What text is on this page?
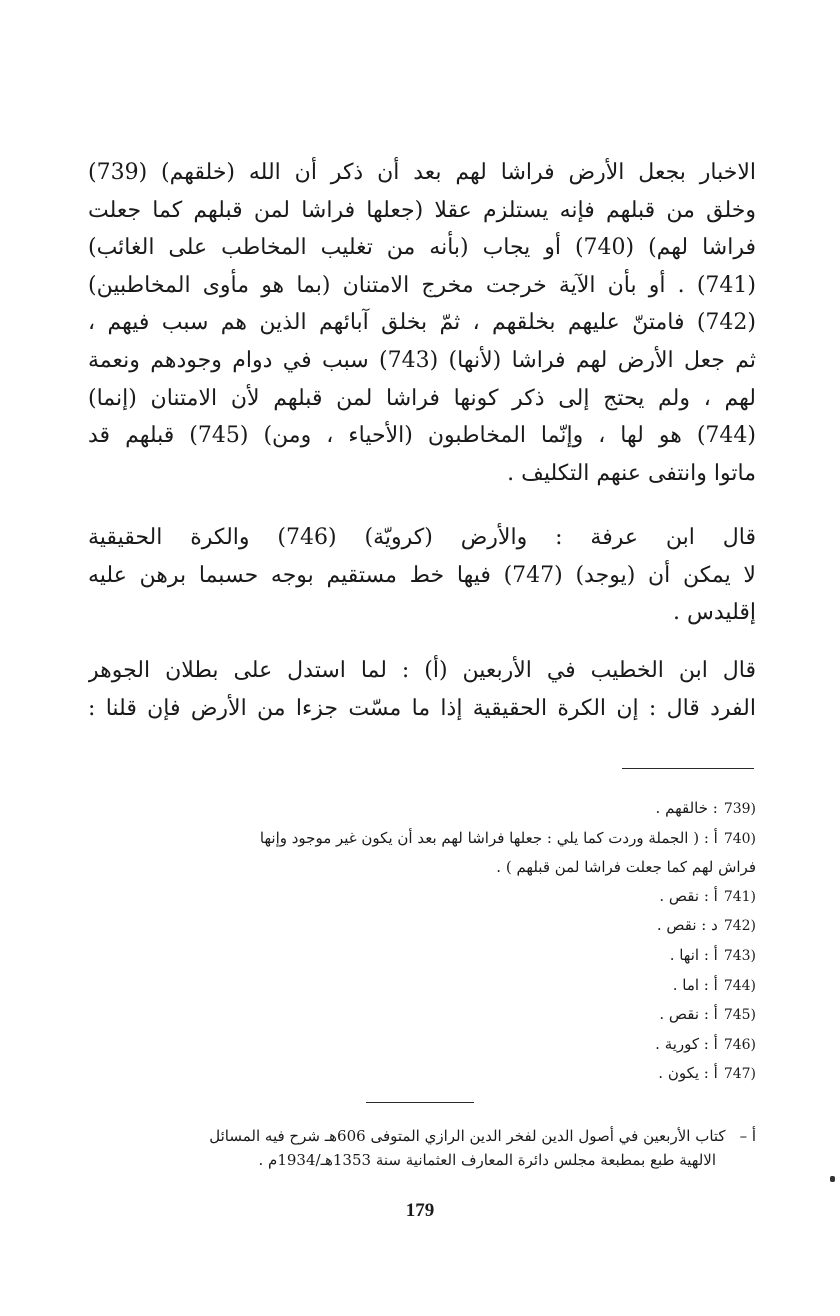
الاخبار بجعل الأرض فراشا لهم بعد أن ذكر أن الله (خلقهم) (739)
وخلق من قبلهم فإنه يستلزم عقلا (جعلها فراشا لمن قبلهم كما جعلت
فراشا لهم) (740) أو يجاب (بأنه من تغليب المخاطب على الغائب)
(741) . أو بأن الآية خرجت مخرج الامتنان (بما هو مأوى المخاطبين)
(742) فامتنّ عليهم بخلقهم ، ثمّ بخلق آبائهم الذين هم سبب فيهم ،
ثم جعل الأرض لهم فراشا (لأنها) (743) سبب في دوام وجودهم ونعمة
لهم ، ولم يحتج إلى ذكر كونها فراشا لمن قبلهم لأن الامتنان (إنما)
(744) هو لها ، وإنّما المخاطبون (الأحياء ، ومن) (745) قبلهم قد
ماتوا وانتفى عنهم التكليف .
قال ابن عرفة : والأرض (كرويّة) (746) والكرة الحقيقية
لا يمكن أن (يوجد) (747) فيها خط مستقيم بوجه حسبما برهن عليه
إقليدس .
قال ابن الخطيب في الأربعين (أ) : لما استدل على بطلان الجوهر
الفرد قال : إن الكرة الحقيقية إذا ما مسّت جزءا من الأرض فإن قلنا :
739): خالقهم .
740)أ : ( الجملة وردت كما يلي : جعلها فراشا لهم بعد أن يكون غير موجود وإنها
فراش لهم كما جعلت فراشا لمن قبلهم ) .
741)أ : نقص .
742)د : نقص .
743)أ : انها .
744)أ : اما .
745)أ : نقص .
746)أ : كورية .
747)أ : يكون .
أ –كتاب الأربعين في أصول الدين لفخر الدين الرازي المتوفى 606هـ شرح فيه المسائل
الالهية طبع بمطبعة مجلس دائرة المعارف العثمانية سنة 1353هـ/1934م .
179
